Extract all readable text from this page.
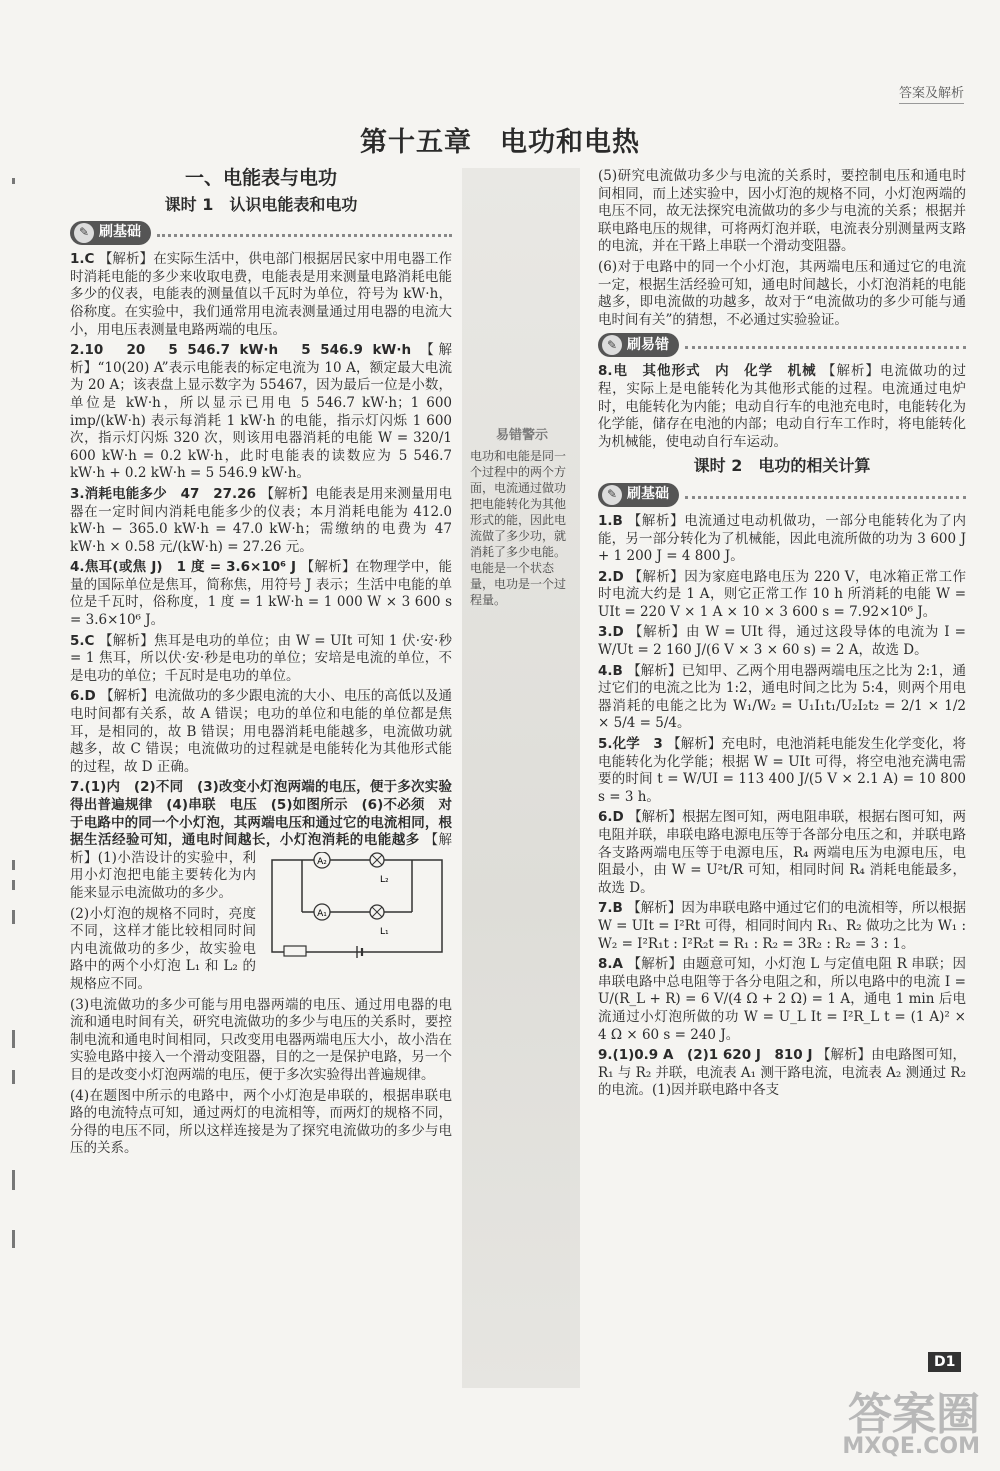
答案及解析
第十五章　电功和电热
一、电能表与电功
课时 1　认识电能表和电功
✎ 刷基础
1.C 【解析】在实际生活中，供电部门根据居民家中用电器工作时消耗电能的多少来收取电费，电能表是用来测量电路消耗电能多少的仪表，电能表的测量值以千瓦时为单位，符号为 kW·h，俗称度。在实验中，我们通常用电流表测量通过用电器的电流大小，用电压表测量电路两端的电压。
2.10　20　5 546.7 kW·h　5 546.9 kW·h 【解析】“10(20) A”表示电能表的标定电流为 10 A，额定最大电流为 20 A；该表盘上显示数字为 55467，因为最后一位是小数，单位是 kW·h，所以显示已用电 5 546.7 kW·h；1 600 imp/(kW·h) 表示每消耗 1 kW·h 的电能，指示灯闪烁 1 600 次，指示灯闪烁 320 次，则该用电器消耗的电能 W = 320/1 600 kW·h = 0.2 kW·h，此时电能表的读数应为 5 546.7 kW·h + 0.2 kW·h = 5 546.9 kW·h。
3.消耗电能多少　47　27.26 【解析】电能表是用来测量用电器在一定时间内消耗电能多少的仪表；本月消耗电能为 412.0 kW·h − 365.0 kW·h = 47.0 kW·h；需缴纳的电费为 47 kW·h × 0.58 元/(kW·h) = 27.26 元。
4.焦耳(或焦 J)　1 度 = 3.6×10⁶ J 【解析】在物理学中，能量的国际单位是焦耳，简称焦，用符号 J 表示；生活中电能的单位是千瓦时，俗称度，1 度 = 1 kW·h = 1 000 W × 3 600 s = 3.6×10⁶ J。
5.C 【解析】焦耳是电功的单位；由 W = UIt 可知 1 伏·安·秒 = 1 焦耳，所以伏·安·秒是电功的单位；安培是电流的单位，不是电功的单位；千瓦时是电功的单位。
6.D 【解析】电流做功的多少跟电流的大小、电压的高低以及通电时间都有关系，故 A 错误；电功的单位和电能的单位都是焦耳，是相同的，故 B 错误；用电器消耗电能越多，电流做功就越多，故 C 错误；电流做功的过程就是电能转化为其他形式能的过程，故 D 正确。
7.(1)内　(2)不同　(3)改变小灯泡两端的电压，便于多次实验得出普遍规律　(4)串联　电压　(5)如图所示　(6)不必须　对于电路中的同一个小灯泡，其两端电压和通过它的电流相同，根据生活经验可知，通电时间越长，小灯泡消耗的电能越多
A₂
L₂
A₁
L₁
【解析】(1)小浩设计的实验中，利用小灯泡把电能主要转化为内能来显示电流做功的多少。
(2)小灯泡的规格不同时，亮度不同，这样才能比较相同时间内电流做功的多少，故实验电路中的两个小灯泡 L₁ 和 L₂ 的规格应不同。
(3)电流做功的多少可能与用电器两端的电压、通过用电器的电流和通电时间有关，研究电流做功的多少与电压的关系时，要控制电流和通电时间相同，只改变用电器两端电压大小，故小浩在实验电路中接入一个滑动变阻器，目的之一是保护电路，另一个目的是改变小灯泡两端的电压，便于多次实验得出普遍规律。
(4)在题图中所示的电路中，两个小灯泡是串联的，根据串联电路的电流特点可知，通过两灯的电流相等，而两灯的规格不同，分得的电压不同，所以这样连接是为了探究电流做功的多少与电压的关系。
易错警示
电功和电能是同一个过程中的两个方面，电流通过做功把电能转化为其他形式的能，因此电流做了多少功，就消耗了多少电能。电能是一个状态量，电功是一个过程量。
(5)研究电流做功多少与电流的关系时，要控制电压和通电时间相同，而上述实验中，因小灯泡的规格不同，小灯泡两端的电压不同，故无法探究电流做功的多少与电流的关系；根据并联电路电压的规律，可将两灯泡并联，电流表分别测量两支路的电流，并在干路上串联一个滑动变阻器。
(6)对于电路中的同一个小灯泡，其两端电压和通过它的电流一定，根据生活经验可知，通电时间越长，小灯泡消耗的电能越多，即电流做的功越多，故对于“电流做功的多少可能与通电时间有关”的猜想，不必通过实验验证。
✎ 刷易错
8.电　其他形式　内　化学　机械 【解析】电流做功的过程，实际上是电能转化为其他形式能的过程。电流通过电炉时，电能转化为内能；电动自行车的电池充电时，电能转化为化学能，储存在电池的内部；电动自行车工作时，将电能转化为机械能，使电动自行车运动。
课时 2　电功的相关计算
✎ 刷基础
1.B 【解析】电流通过电动机做功，一部分电能转化为了内能，另一部分转化为了机械能，因此电流所做的功为 3 600 J + 1 200 J = 4 800 J。
2.D 【解析】因为家庭电路电压为 220 V，电冰箱正常工作时电流大约是 1 A，则它正常工作 10 h 所消耗的电能 W = UIt = 220 V × 1 A × 10 × 3 600 s = 7.92×10⁶ J。
3.D 【解析】由 W = UIt 得，通过这段导体的电流为 I = W/Ut = 2 160 J/(6 V × 3 × 60 s) = 2 A，故选 D。
4.B 【解析】已知甲、乙两个用电器两端电压之比为 2:1，通过它们的电流之比为 1:2，通电时间之比为 5:4，则两个用电器消耗的电能之比为 W₁/W₂ = U₁I₁t₁/U₂I₂t₂ = 2/1 × 1/2 × 5/4 = 5/4。
5.化学　3 【解析】充电时，电池消耗电能发生化学变化，将电能转化为化学能；根据 W = UIt 可得，将空电池充满电需要的时间 t = W/UI = 113 400 J/(5 V × 2.1 A) = 10 800 s = 3 h。
6.D 【解析】根据左图可知，两电阻串联，根据右图可知，两电阻并联，串联电路电源电压等于各部分电压之和，并联电路各支路两端电压等于电源电压，R₄ 两端电压为电源电压，电阻最小，由 W = U²t/R 可知，相同时间 R₄ 消耗电能最多，故选 D。
7.B 【解析】因为串联电路中通过它们的电流相等，所以根据 W = UIt = I²Rt 可得，相同时间内 R₁、R₂ 做功之比为 W₁ : W₂ = I²R₁t : I²R₂t = R₁ : R₂ = 3R₂ : R₂ = 3 : 1。
8.A 【解析】由题意可知，小灯泡 L 与定值电阻 R 串联；因串联电路中总电阻等于各分电阻之和，所以电路中的电流 I = U/(R_L + R) = 6 V/(4 Ω + 2 Ω) = 1 A，通电 1 min 后电流通过小灯泡所做的功 W = U_L It = I²R_L t = (1 A)² × 4 Ω × 60 s = 240 J。
9.(1)0.9 A　(2)1 620 J　810 J 【解析】由电路图可知，R₁ 与 R₂ 并联，电流表 A₁ 测干路电流，电流表 A₂ 测通过 R₂ 的电流。(1)因并联电路中各支
D1
答案圈
MXQE.COM
